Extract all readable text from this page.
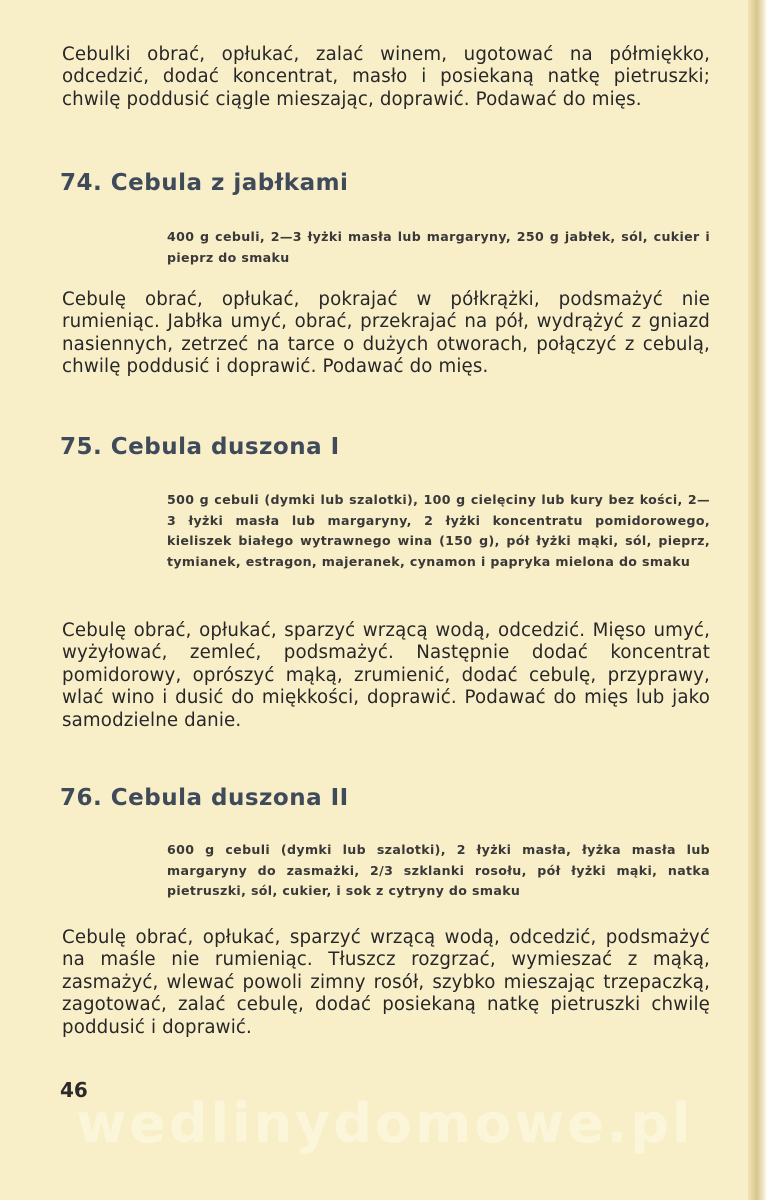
Cebulki obrać, opłukać, zalać winem, ugotować na półmiękko, odcedzić, dodać koncentrat, masło i posiekaną natkę pietruszki; chwilę poddusić ciągle mieszając, doprawić. Podawać do mięs.

74. Cebula z jabłkami

400 g cebuli, 2—3 łyżki masła lub margaryny, 250 g jabłek, sól, cukier i pieprz do smaku

Cebulę obrać, opłukać, pokrajać w półkrążki, podsmażyć nie rumieniąc. Jabłka umyć, obrać, przekrajać na pół, wydrążyć z gniazd nasiennych, zetrzeć na tarce o dużych otworach, połączyć z cebulą, chwilę poddusić i doprawić. Podawać do mięs.

75. Cebula duszona I

500 g cebuli (dymki lub szalotki), 100 g cielęciny lub kury bez kości, 2—3 łyżki masła lub margaryny, 2 łyżki koncentratu pomidorowego, kieliszek białego wytrawnego wina (150 g), pół łyżki mąki, sól, pieprz, tymianek, estragon, majeranek, cynamon i papryka mielona do smaku

Cebulę obrać, opłukać, sparzyć wrzącą wodą, odcedzić. Mięso umyć, wyżyłować, zemleć, podsmażyć. Następnie dodać koncentrat pomidorowy, oprószyć mąką, zrumienić, dodać cebulę, przyprawy, wlać wino i dusić do miękkości, doprawić. Podawać do mięs lub jako samodzielne danie.

76. Cebula duszona II

600 g cebuli (dymki lub szalotki), 2 łyżki masła, łyżka masła lub margaryny do zasmażki, 2/3 szklanki rosołu, pół łyżki mąki, natka pietruszki, sól, cukier, i sok z cytryny do smaku

Cebulę obrać, opłukać, sparzyć wrzącą wodą, odcedzić, podsmażyć na maśle nie rumieniąc. Tłuszcz rozgrzać, wymieszać z mąką, zasmażyć, wlewać powoli zimny rosół, szybko mieszając trzepaczką, zagotować, zalać cebulę, dodać posiekaną natkę pietruszki chwilę poddusić i doprawić.

46

wedlinydomowe.pl
